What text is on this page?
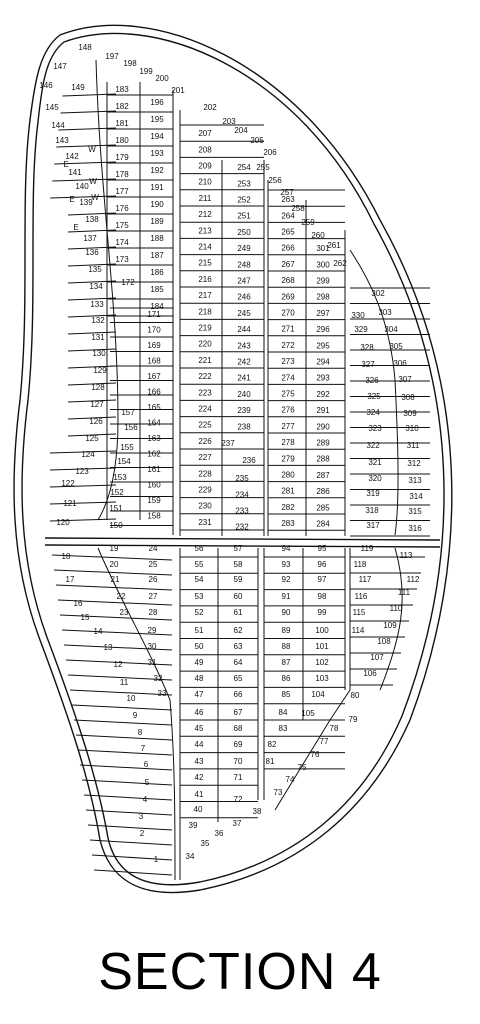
148
147
146 149
145
144
143
142
141
140
139
138
137
136
135
134
133
132
131
130
129
128
127
126
125
124
123
122
121
120
W
W
W
E
E
E
197
198
199
200
201
183
182
181
180
179
178
177
176
175
174
173
172
196
195
194
193
192
191
190
189
188
187
186
185
184
171
170
169
168
167
166
165
164
163
162
161
160
159
158
157
156
155
154
153
152
151
150
207
208
209
210
211
212
213
214
215
216
217
218
219
220
221
222
223
224
225
226
227
228
229
230
231
202
203
204
205
206
237
254
253
252
251
250
249
248
247
246
245
244
243
242
241
240
239
238
236
235
234
233
232
255
256
257
258
259
260
261
262
263
264
265
266
267
268
269
270
271
272
273
274
275
276
277
278
279
280
281
282
283
301
300
299
298
297
296
295
294
293
292
291
290
289
288
287
286
285
284
302
303
330
304
329
305
328
306
327
307
326
308
325
309
324
310
323
311
322
312
321
313
320
314
319
315
318
316
317
18
17
16
15
14
13
12
11
10
9
8
7
6
5
4
3
2
1
19
20
21
22
23
24
25
26
27
28
29
30
31
32
33
56
55
54
53
52
51
50
49
48
47
46
45
44
43
42
41
40
39
36
35
34
37
38
57
58
59
60
61
62
63
64
65
66
67
68
69
70
71
72
94
93
92
91
90
89
88
87
86
85
84
83
82
81
95
96
97
98
99
100
101
102
103
104
105
73
74
75
76
77
78
79
80
119
118
117
116
115
114
113
112
111
110
109
108
107
106
SECTION 4
